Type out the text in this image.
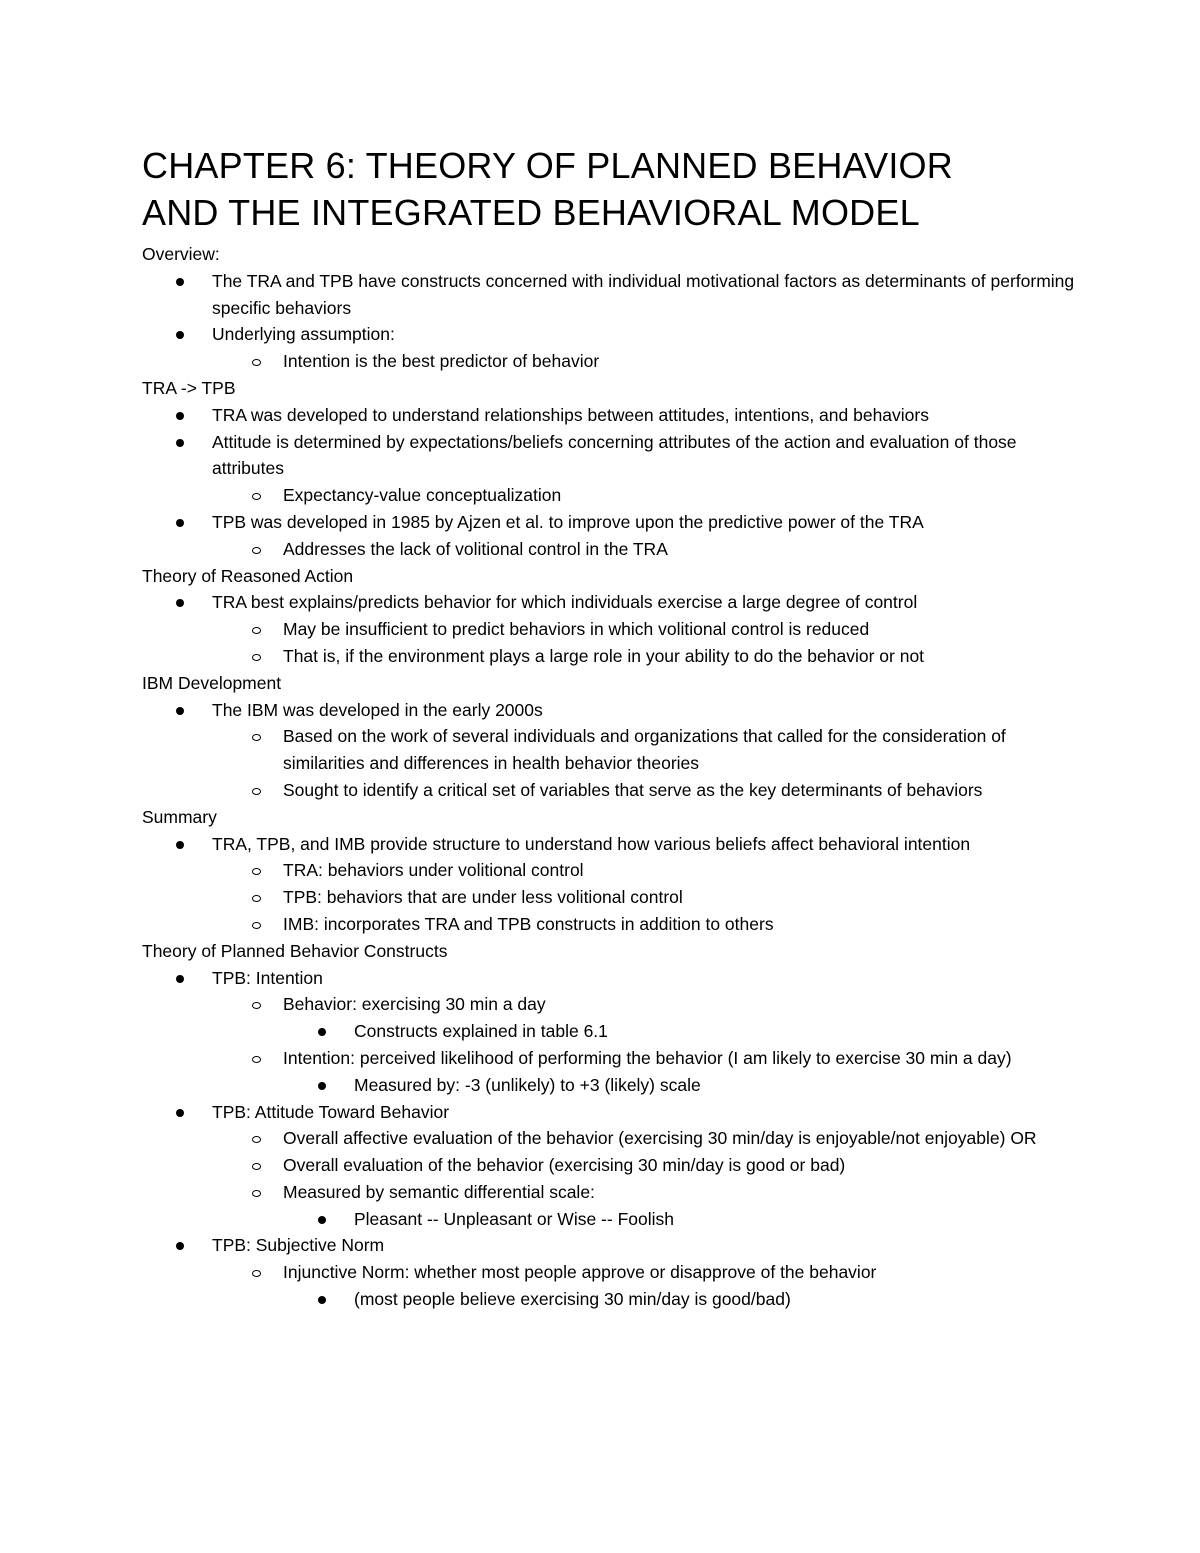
CHAPTER 6: THEORY OF PLANNED BEHAVIOR
AND THE INTEGRATED BEHAVIORAL MODEL
Overview:
The TRA and TPB have constructs concerned with individual motivational factors as determinants of performing specific behaviors
Underlying assumption:
Intention is the best predictor of behavior
TRA -> TPB
TRA was developed to understand relationships between attitudes, intentions, and behaviors
Attitude is determined by expectations/beliefs concerning attributes of the action and evaluation of those attributes
Expectancy-value conceptualization
TPB was developed in 1985 by Ajzen et al. to improve upon the predictive power of the TRA
Addresses the lack of volitional control in the TRA
Theory of Reasoned Action
TRA best explains/predicts behavior for which individuals exercise a large degree of control
May be insufficient to predict behaviors in which volitional control is reduced
That is, if the environment plays a large role in your ability to do the behavior or not
IBM Development
The IBM was developed in the early 2000s
Based on the work of several individuals and organizations that called for the consideration of similarities and differences in health behavior theories
Sought to identify a critical set of variables that serve as the key determinants of behaviors
Summary
TRA, TPB, and IMB provide structure to understand how various beliefs affect behavioral intention
TRA: behaviors under volitional control
TPB: behaviors that are under less volitional control
IMB: incorporates TRA and TPB constructs in addition to others
Theory of Planned Behavior Constructs
TPB: Intention
Behavior: exercising 30 min a day
Constructs explained in table 6.1
Intention: perceived likelihood of performing the behavior (I am likely to exercise 30 min a day)
Measured by: -3 (unlikely) to +3 (likely) scale
TPB: Attitude Toward Behavior
Overall affective evaluation of the behavior (exercising 30 min/day is enjoyable/not enjoyable) OR
Overall evaluation of the behavior (exercising 30 min/day is good or bad)
Measured by semantic differential scale:
Pleasant -- Unpleasant or Wise -- Foolish
TPB: Subjective Norm
Injunctive Norm: whether most people approve or disapprove of the behavior
(most people believe exercising 30 min/day is good/bad)
